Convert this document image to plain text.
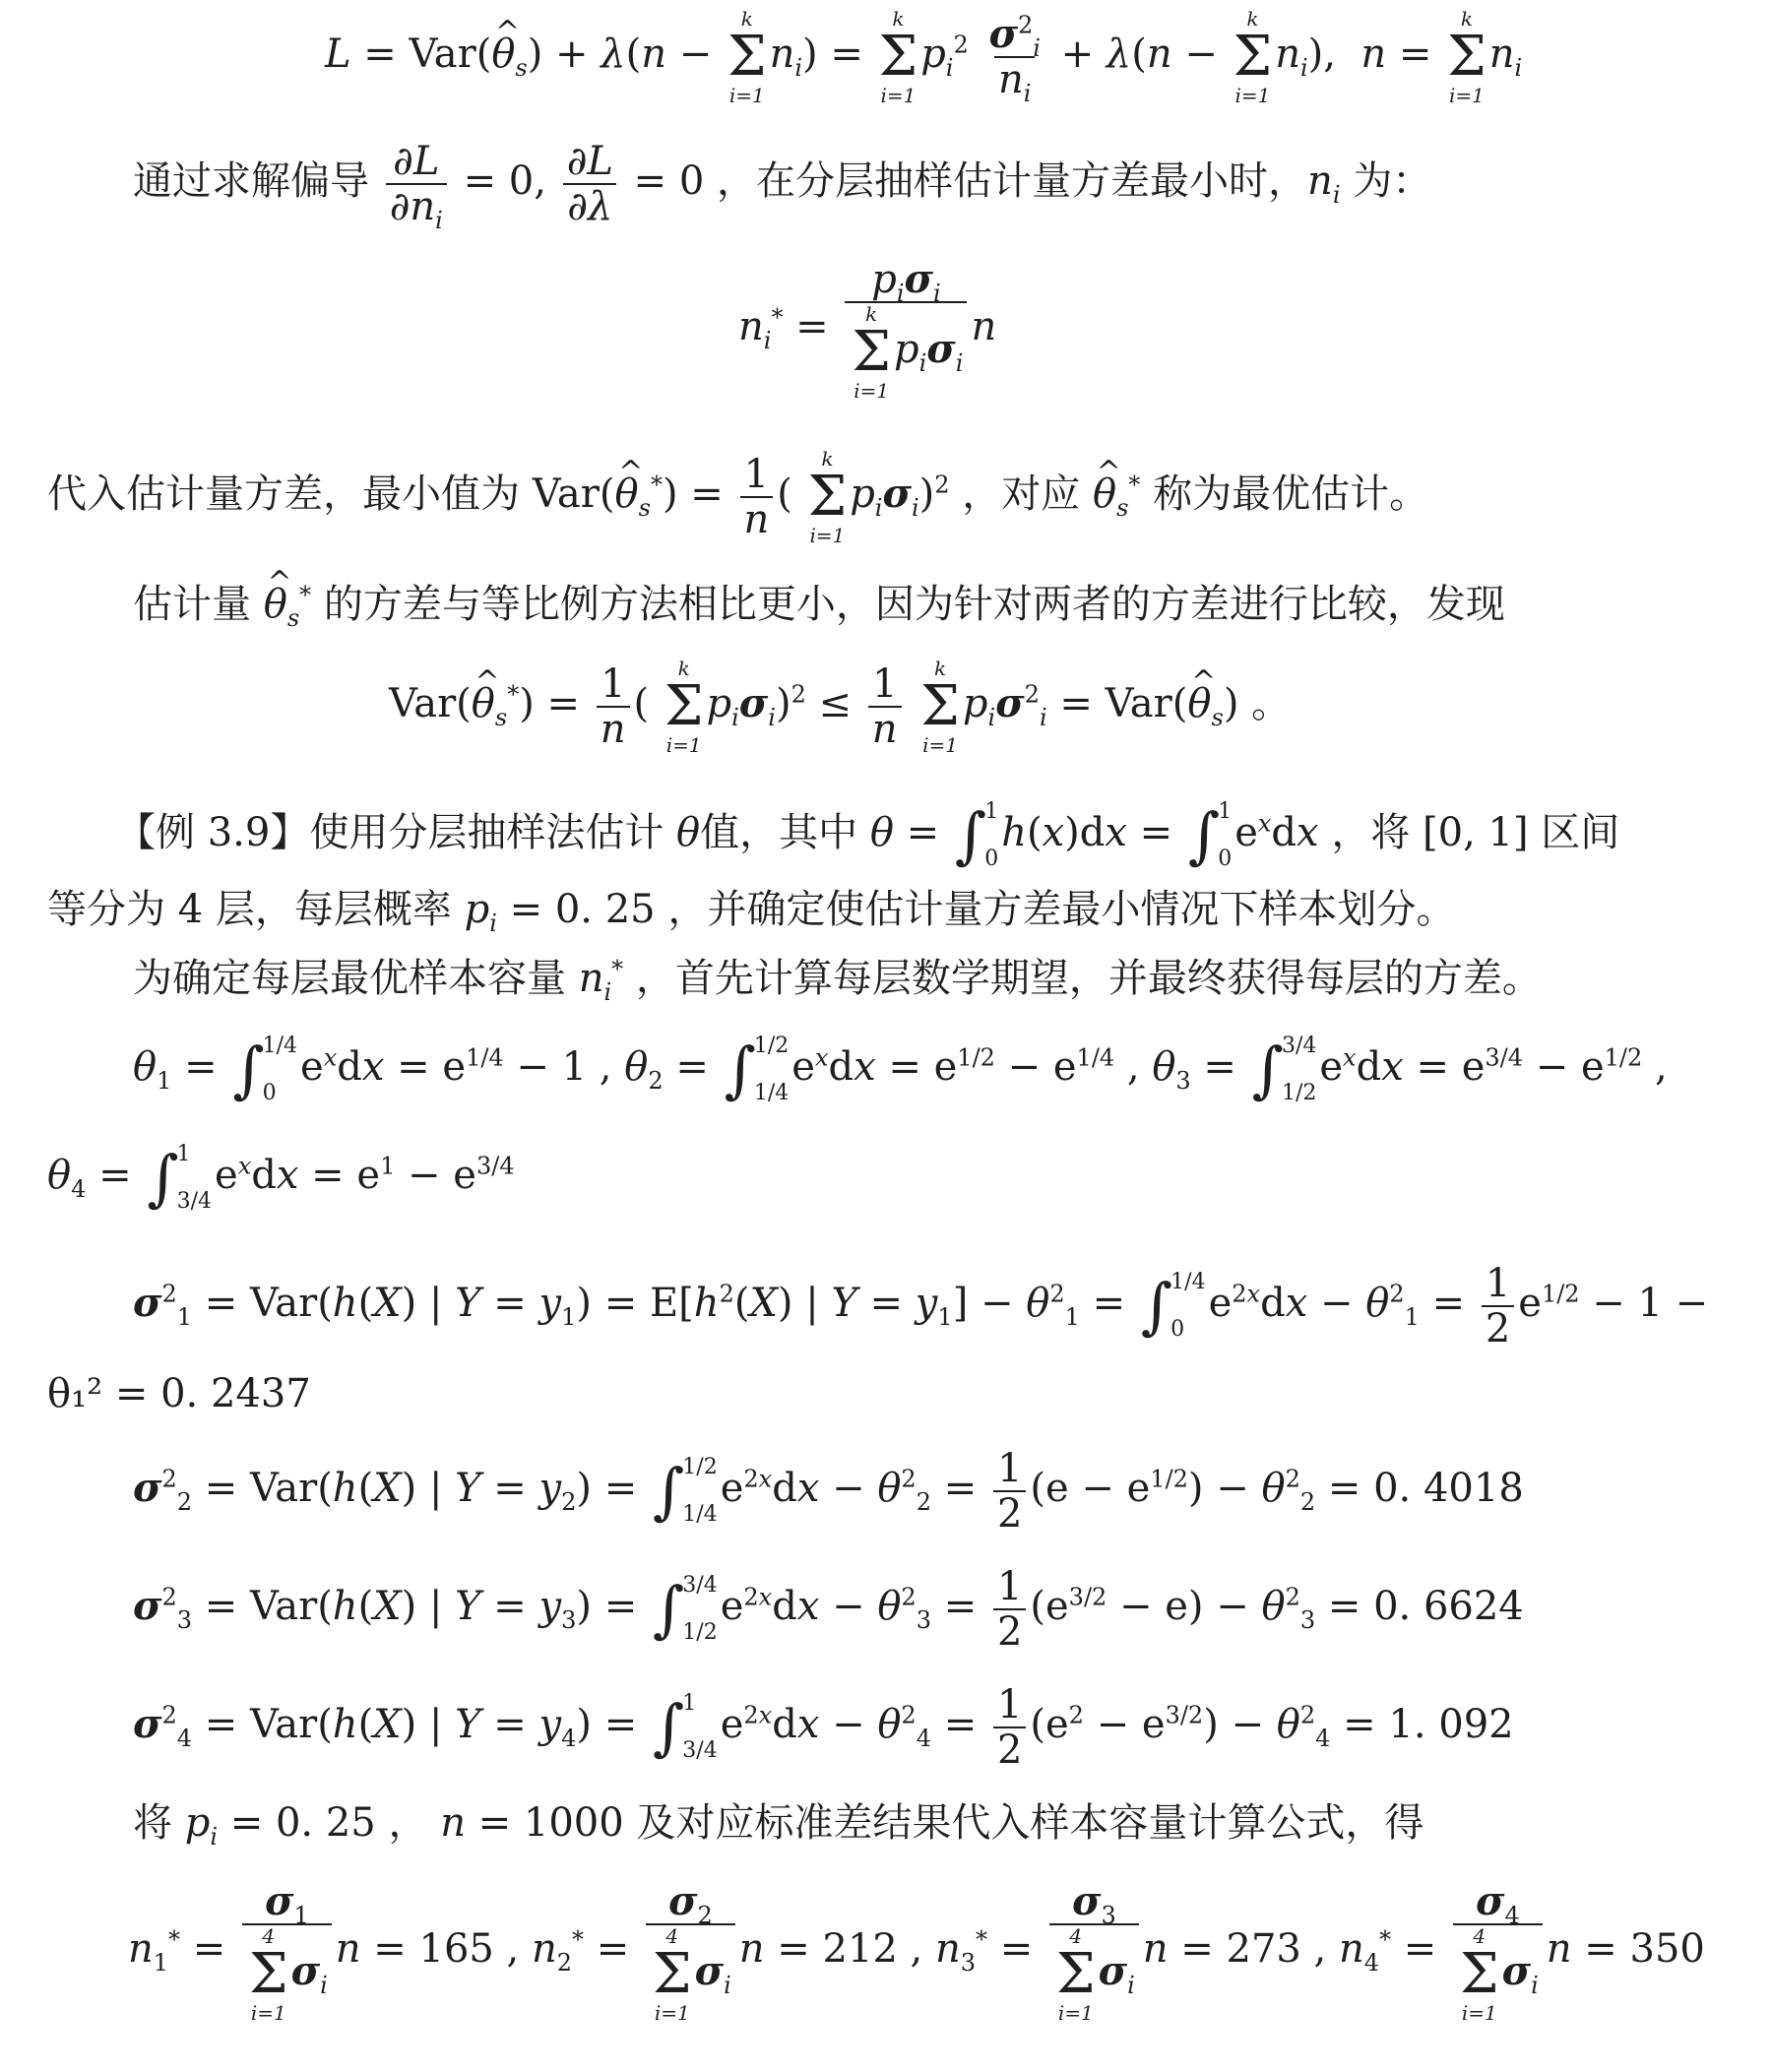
L = Var(^ $\theta_s) + \lambda(n$ −
k
Σ
i=1
$n_i$) =
k
Σ
i=1
$p_i^2 \frac{\sigma^2_i}{n_i} + \lambda(n$ −
k
Σ
i=1
$n_i$), n =
k
Σ
i=1
$n_i$
通过求解偏导 $\frac{\partial L}{\partial n_i} = 0$, $\frac{\partial L}{\partial\lambda} = 0$ ，在分层抽样估计量方差最小时，$n_i$ 为：
$n_i^* = p_i\sigma_i$
k
Σ
i=1
$p_i\sigma_i$ n
代入估计量方差，最小值为 Var(^ $\theta_s^*) = \frac{1}{n}$ (
k
Σ
i=1
$p_i\sigma_i)^2$ ，对应 ^ $\theta_s^*$ 称为最优估计。
估计量 ^ $\theta_s^*$ 的方差与等比例方法相比更小，因为针对两者的方差进行比较，发现
Var(^ $\theta_s^*) = \frac{1}{n}$ (
k
Σ
i=1
$p_i\sigma_i)^2 \le \frac{1}{n}$
k
Σ
i=1
$p_i\sigma^2_i$ = Var(^ $\theta_s$) 。
【例 3.9】使用分层抽样法估计 θ值，其中 θ = ∫
1
0
h(x)dx = ∫
1
0
$e^xdx$ ，将 [0, 1] 区间
等分为 4 层，每层概率 $p_i = 0$. 25 ，并确定使估计量方差最小情况下样本划分。
为确定每层最优样本容量 $n_i^*$ ，首先计算每层数学期望，并最终获得每层的方差。
$\theta_1$ = ∫
1/4
0
$e^xdx = e^{1/4} - 1$ , $\theta_2$ = ∫
1/2
1/4
$e^xdx = e^{1/2} - e^{1/4}$ , $\theta_3$ = ∫
3/4
1/2
$e^xdx = e^{3/4} - e^{1/2}$ ,
$\theta_4$ = ∫
1
3/4
$e^xdx = e^1 - e^{3/4}$
$\sigma^2_1 = Var(h(X)$ | $Y = y_1) = E[h^2(X)$ | $Y = y_1] - \theta^2_1$ = ∫
1/4
0
$e^{2x}dx - \theta^2_1 = \frac{1}{2} e^{1/2} - 1$ −
θ₁² = 0. 2437
$\sigma^2_2 = Var(h(X)$ | $Y = y_2$) = ∫
1/2
1/4
$e^{2x}dx - \theta^2_2 = \frac{1}{2} (e - e^{1/2}) - \theta^2_2 = 0$. 4018
$\sigma^2_3 = Var(h(X)$ | $Y = y_3$) = ∫
3/4
1/2
$e^{2x}dx - \theta^2_3 = \frac{1}{2} (e^{3/2} - e) - \theta^2_3 = 0$. 6624
$\sigma^2_4 = Var(h(X)$ | $Y = y_4$) = ∫
1
3/4
$e^{2x}dx - \theta^2_4 = \frac{1}{2} (e^2 - e^{3/2}) - \theta^2_4 = 1$. 092
将 $p_i = 0$. 25 ， n = 1000 及对应标准差结果代入样本容量计算公式，得
$n_1^* = \sigma_1$
4
Σ
i=1
$\sigma_i$ n = 165 , $n_2^* = \sigma_2$
4
Σ
i=1
$\sigma_i$ n = 212 , $n_3^* = \sigma_3$
4
Σ
i=1
$\sigma_i$ n = 273 , $n_4^* = \sigma_4$
4
Σ
i=1
$\sigma_i$ n = 350
